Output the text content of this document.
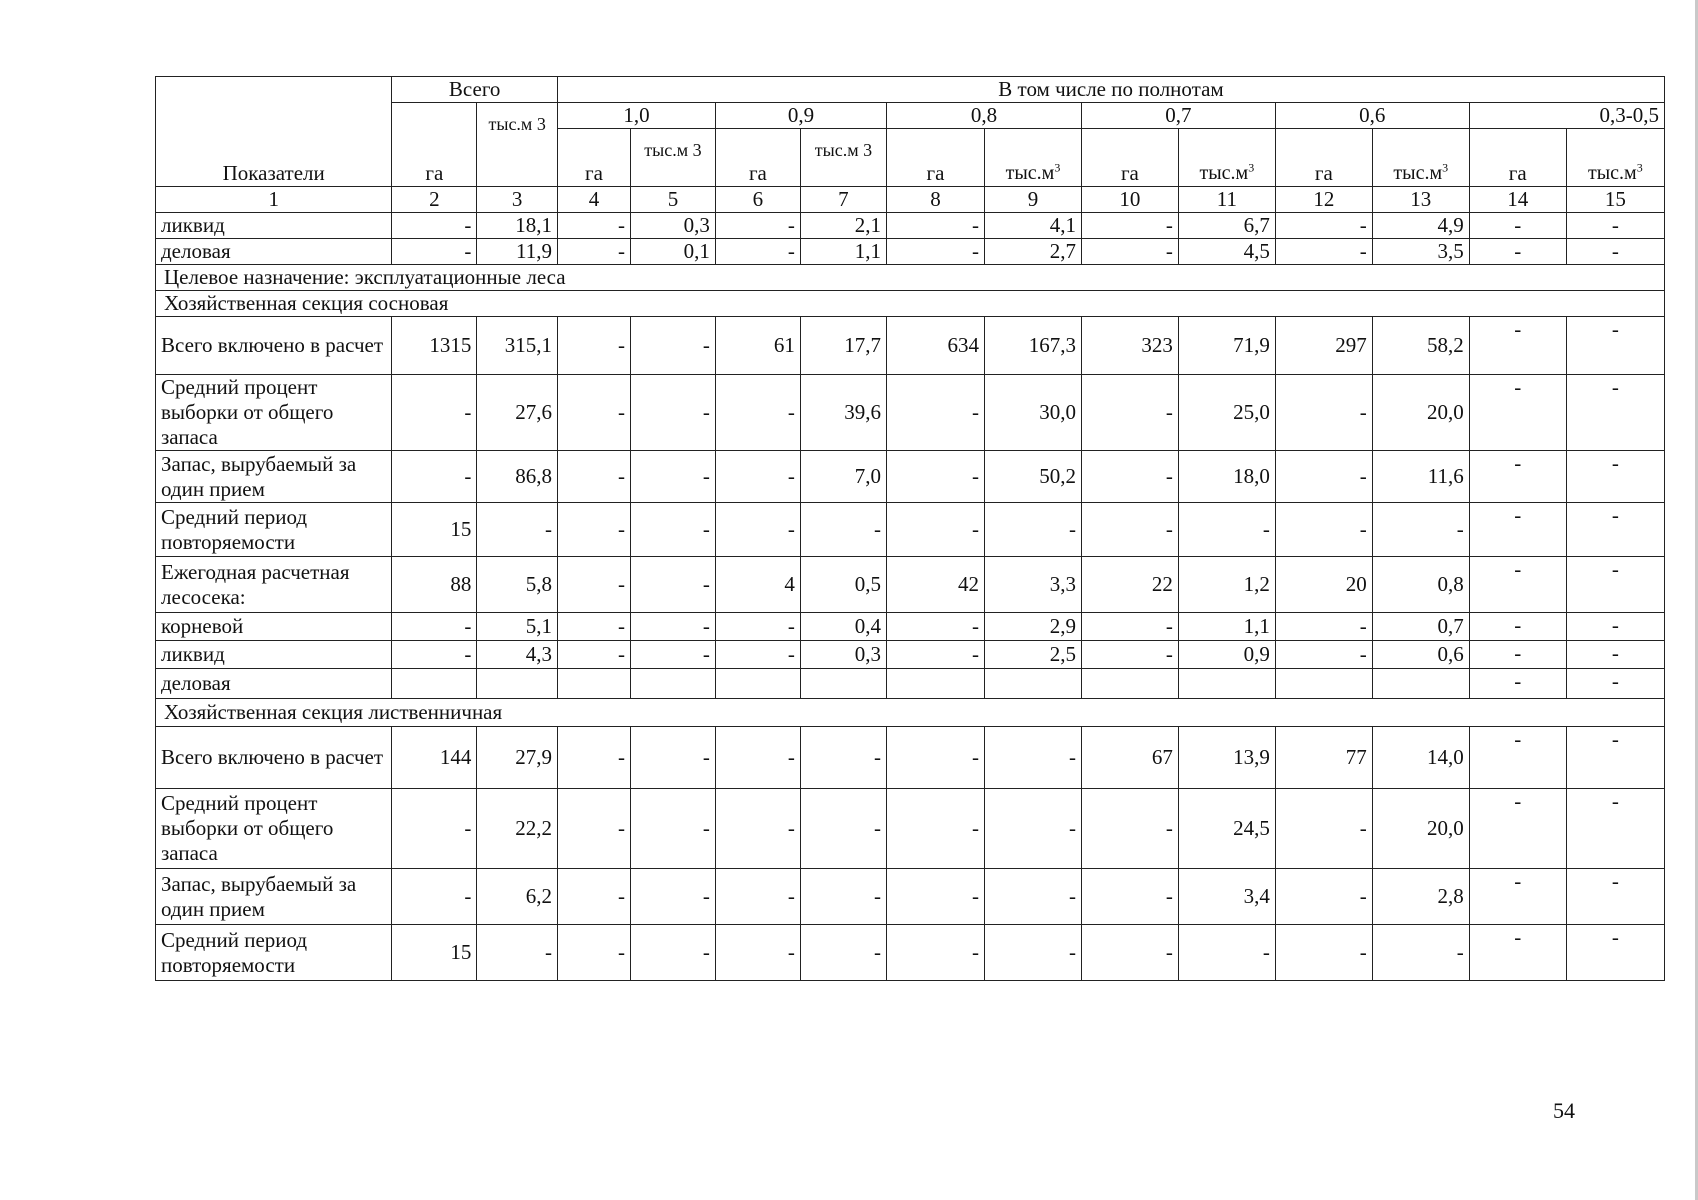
Показатели	Всего		В том числе по полнотам											
	га	тыс.м 3	1,0		0,9		0,8		0,7		0,6		0,3-0,5	
			га	тыс.м 3	га	тыс.м 3	га	$тыс.м^3$	га	$тыс.м^3$	га	$тыс.м^3$	га	$тыс.м^3$
1	2	3	4	5	6	7	8	9	10	11	12	13	14	15
ликвид	-	18,1	-	0,3	-	2,1	-	4,1	-	6,7	-	4,9	-	-
деловая	-	11,9	-	0,1	-	1,1	-	2,7	-	4,5	-	3,5	-	-
Целевое назначение: эксплуатационные леса														
Хозяйственная секция сосновая														
Всего включено в расчет	1315	315,1	-	-	61	17,7	634	167,3	323	71,9	297	58,2	-	-
Средний процент выборки от общего запаса	-	27,6	-	-	-	39,6	-	30,0	-	25,0	-	20,0	-	-
Запас, вырубаемый за один прием	-	86,8	-	-	-	7,0	-	50,2	-	18,0	-	11,6	-	-
Средний период повторяемости	15	-	-	-	-	-	-	-	-	-	-	-	-	-
Ежегодная расчетная лесосека:	88	5,8	-	-	4	0,5	42	3,3	22	1,2	20	0,8	-	-
корневой	-	5,1	-	-	-	0,4	-	2,9	-	1,1	-	0,7	-	-
ликвид	-	4,3	-	-	-	0,3	-	2,5	-	0,9	-	0,6	-	-
деловая													-	-
Хозяйственная секция лиственничная														
Всего включено в расчет	144	27,9	-	-	-	-	-	-	67	13,9	77	14,0	-	-
Средний процент выборки от общего запаса	-	22,2	-	-	-	-	-	-	-	24,5	-	20,0	-	-
Запас, вырубаемый за один прием	-	6,2	-	-	-	-	-	-	-	3,4	-	2,8	-	-
Средний период повторяемости	15	-	-	-	-	-	-	-	-	-	-	-	-	-
54
